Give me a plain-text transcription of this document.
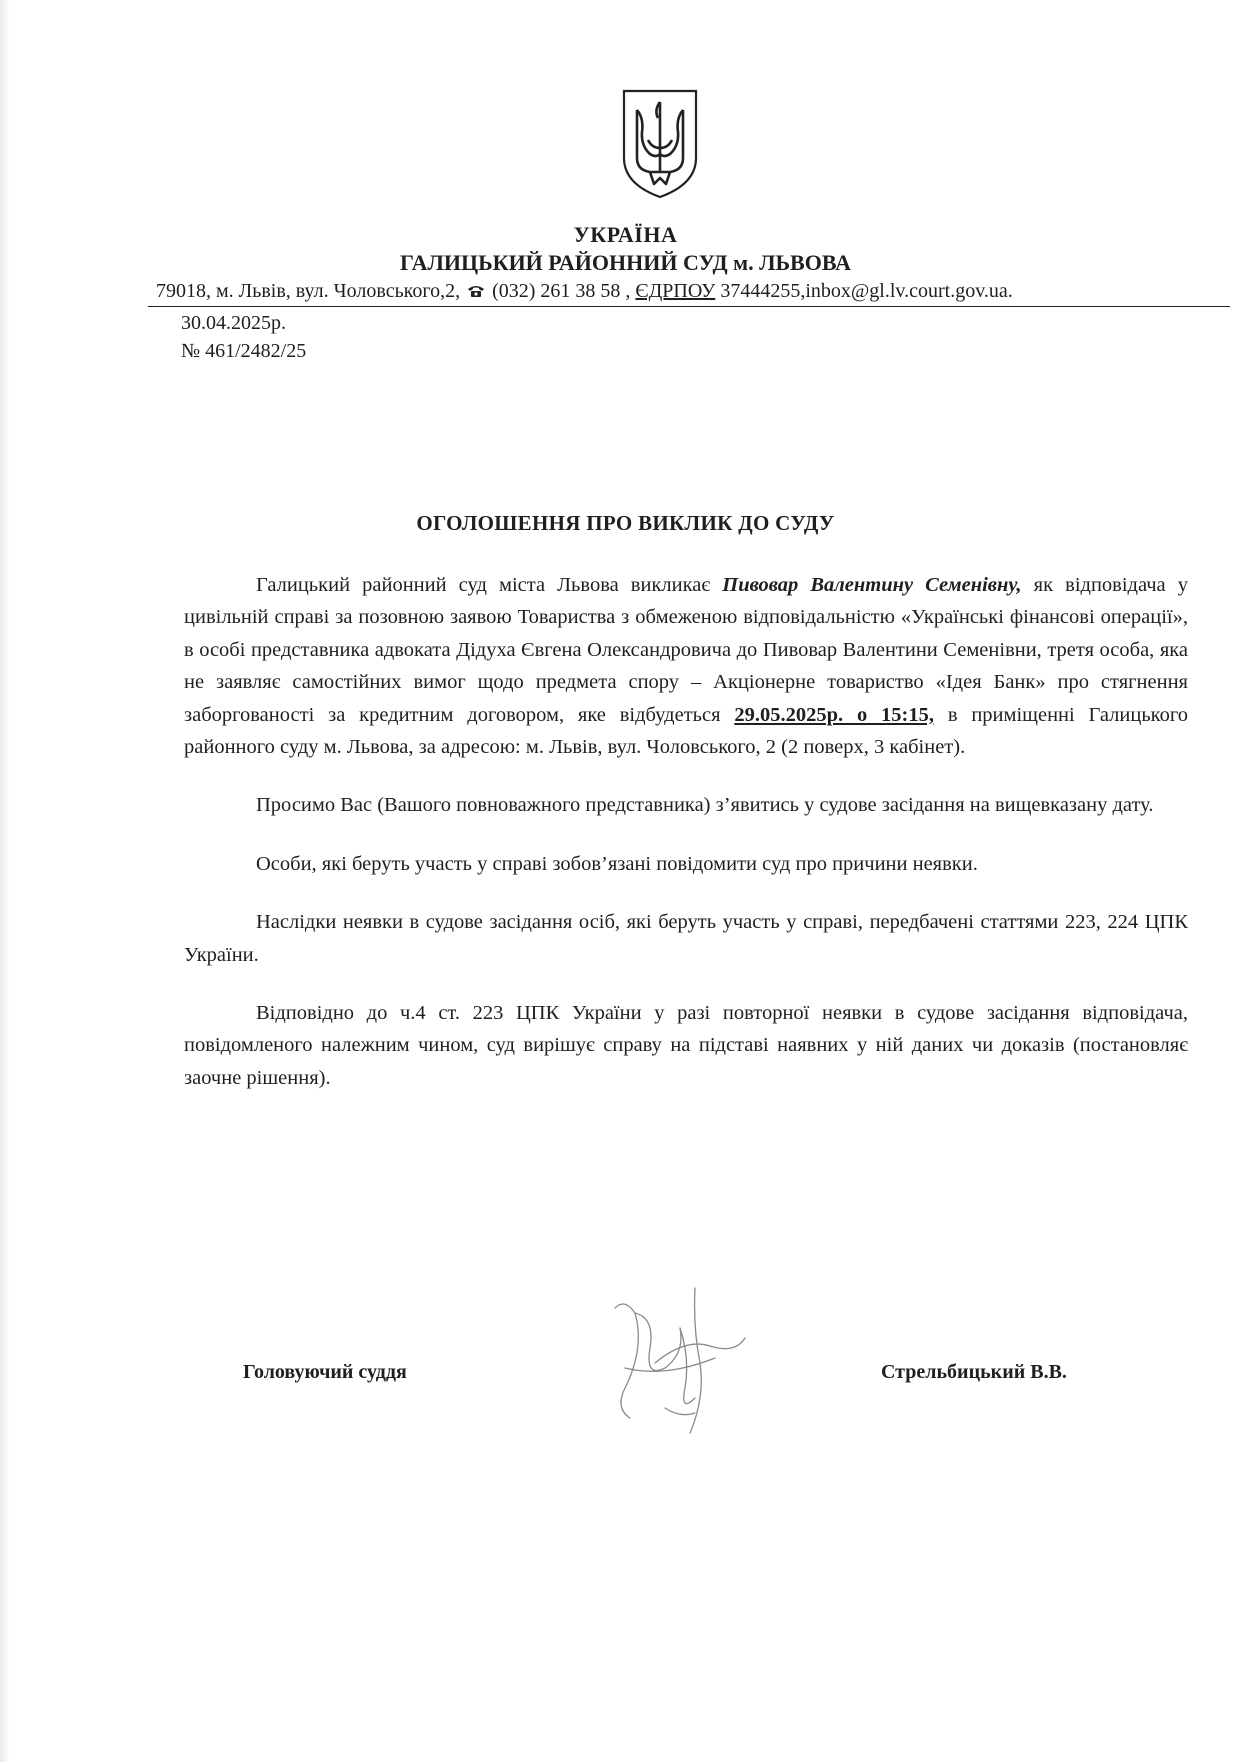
УКРАЇНА
ГАЛИЦЬКИЙ РАЙОННИЙ СУД м. ЛЬВОВА
79018, м. Львів, вул. Чоловського,2, (032) 261 38 58 , ЄДРПОУ 37444255,inbox@gl.lv.court.gov.ua.
30.04.2025р.
№ 461/2482/25
ОГОЛОШЕННЯ ПРО ВИКЛИК ДО СУДУ

Галицький районний суд міста Львова викликає Пивовар Валентину Семенівну, як відповідача у цивільній справі за позовною заявою Товариства з обмеженою відповідальністю «Українські фінансові операції», в особі представника адвоката Дідуха Євгена Олександровича до Пивовар Валентини Семенівни, третя особа, яка не заявляє самостійних вимог щодо предмета спору – Акціонерне товариство «Ідея Банк» про стягнення заборгованості за кредитним договором, яке відбудеться 29.05.2025р. о 15:15, в приміщенні Галицького районного суду м. Львова, за адресою: м. Львів, вул. Чоловського, 2 (2 поверх, 3 кабінет).

Просимо Вас (Вашого повноважного представника) з’явитись у судове засідання на вищевказану дату.

Особи, які беруть участь у справі зобов’язані повідомити суд про причини неявки.

Наслідки неявки в судове засідання осіб, які беруть участь у справі, передбачені статтями 223, 224 ЦПК України.

Відповідно до ч.4 ст. 223 ЦПК України у разі повторної неявки в судове засідання відповідача, повідомленого належним чином, суд вирішує справу на підставі наявних у ній даних чи доказів (постановляє заочне рішення).

Головуючий суддя	Стрельбицький В.В.
